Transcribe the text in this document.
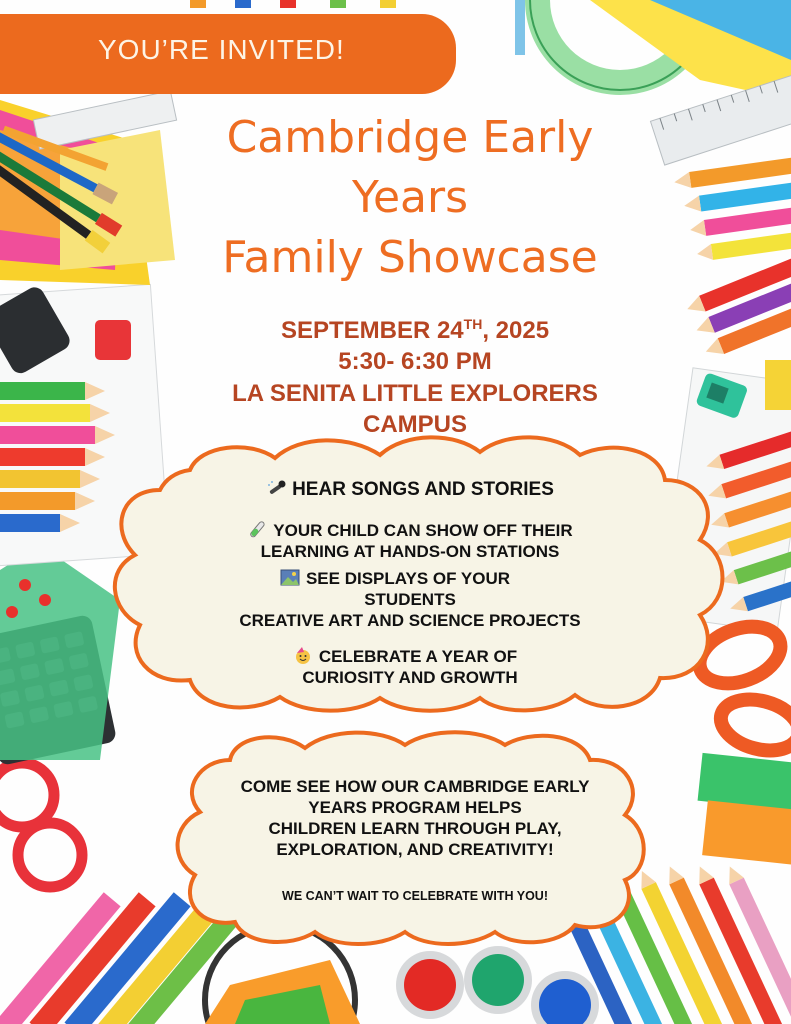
YOU’RE INVITED!
Cambridge Early
Years
Family Showcase
SEPTEMBER 24TH, 2025
5:30- 6:30 PM
LA SENITA LITTLE EXPLORERS
CAMPUS
HEAR SONGS AND STORIES
YOUR CHILD CAN SHOW OFF THEIR
LEARNING AT HANDS-ON STATIONS
SEE DISPLAYS OF YOUR
STUDENTS
CREATIVE ART AND SCIENCE PROJECTS
CELEBRATE A YEAR OF
CURIOSITY AND GROWTH
COME SEE HOW OUR CAMBRIDGE EARLY
YEARS PROGRAM HELPS
CHILDREN LEARN THROUGH PLAY,
EXPLORATION, AND CREATIVITY!
WE CAN’T WAIT TO CELEBRATE WITH YOU!
